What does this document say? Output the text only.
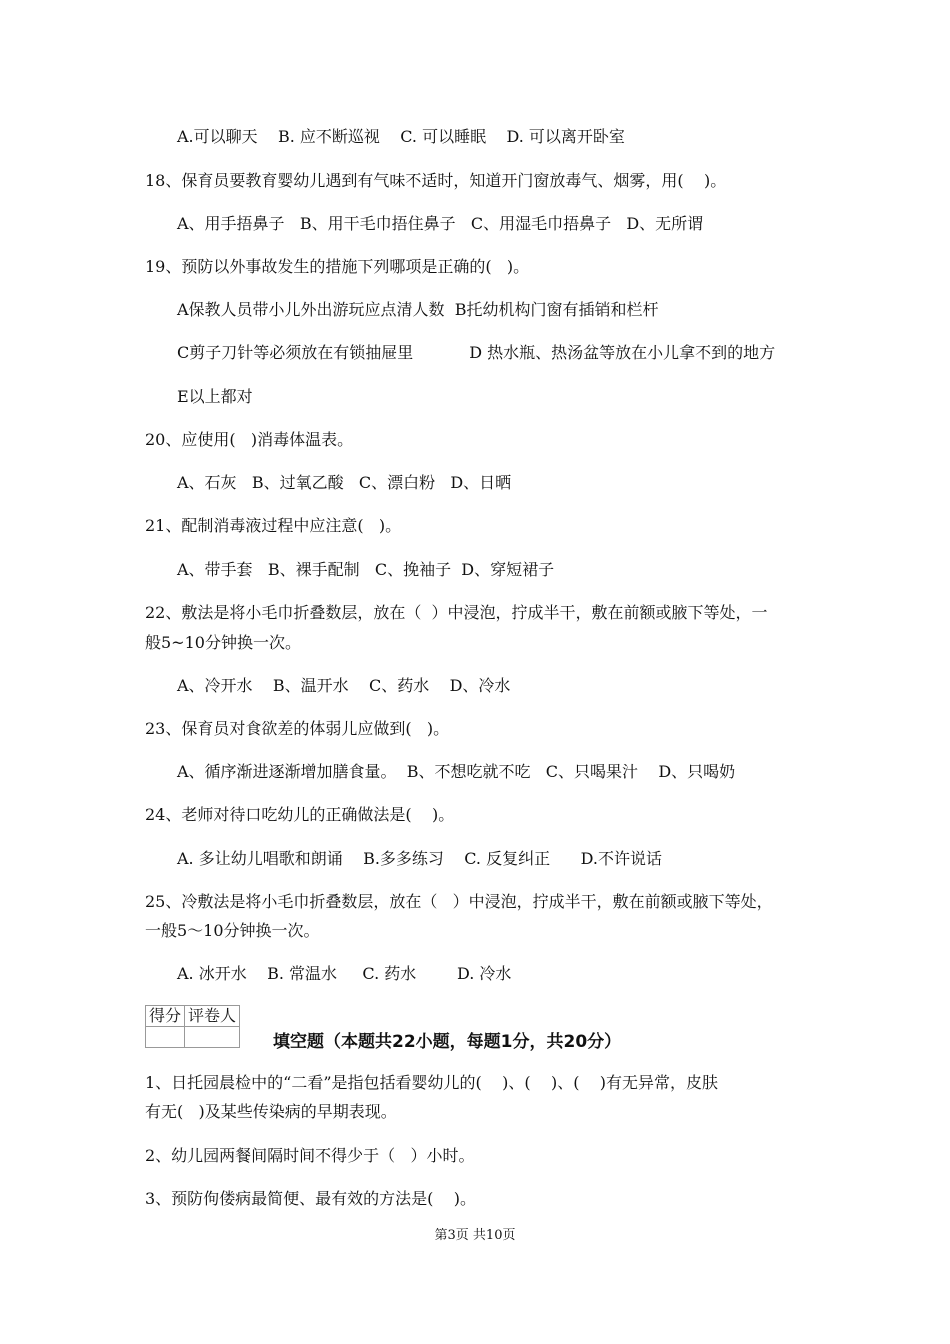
A.可以聊天    B. 应不断巡视    C. 可以睡眠    D. 可以离开卧室
18、保育员要教育婴幼儿遇到有气味不适时，知道开门窗放毒气、烟雾，用(    )。
A、用手捂鼻子   B、用干毛巾捂住鼻子   C、用湿毛巾捂鼻子   D、无所谓
19、预防以外事故发生的措施下列哪项是正确的(   )。
A保教人员带小儿外出游玩应点清人数  B托幼机构门窗有插销和栏杆
C剪子刀针等必须放在有锁抽屉里           D 热水瓶、热汤盆等放在小儿拿不到的地方
E以上都对
20、应使用(   )消毒体温表。
A、石灰   B、过氧乙酸   C、漂白粉   D、日晒
21、配制消毒液过程中应注意(   )。
A、带手套   B、裸手配制   C、挽袖子  D、穿短裙子
22、敷法是将小毛巾折叠数层，放在（  ）中浸泡，拧成半干，敷在前额或腋下等处，一
般5~10分钟换一次。
A、冷开水    B、温开水    C、药水    D、冷水
23、保育员对食欲差的体弱儿应做到(   )。
A、循序渐进逐渐增加膳食量。  B、不想吃就不吃   C、只喝果汁    D、只喝奶
24、老师对待口吃幼儿的正确做法是(    )。
A. 多让幼儿唱歌和朗诵    B.多多练习    C. 反复纠正      D.不许说话
25、冷敷法是将小毛巾折叠数层，放在（   ）中浸泡，拧成半干，敷在前额或腋下等处，
一般5～10分钟换一次。
A. 冰开水    B. 常温水     C. 药水        D. 冷水
得分	评卷人

填空题（本题共22小题，每题1分，共20分）
1、日托园晨检中的“二看”是指包括看婴幼儿的(    )、(    )、(    )有无异常，皮肤
有无(   )及某些传染病的早期表现。
2、幼儿园两餐间隔时间不得少于（   ）小时。
3、预防佝偻病最简便、最有效的方法是(    )。
第3页 共10页
